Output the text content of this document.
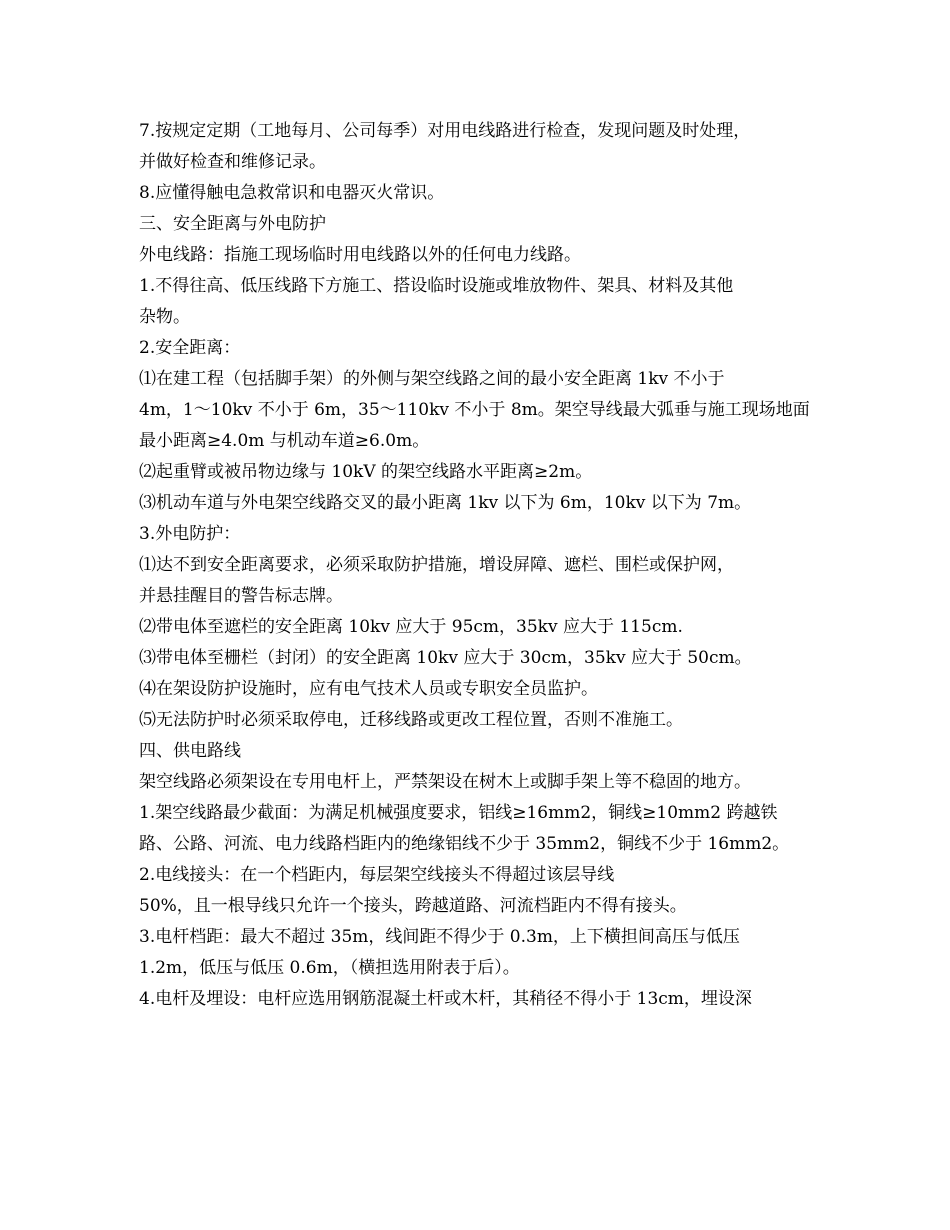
7.按规定定期（工地每月、公司每季）对用电线路进行检查，发现问题及时处理，
并做好检查和维修记录。
8.应懂得触电急救常识和电器灭火常识。
三、安全距离与外电防护
外电线路：指施工现场临时用电线路以外的任何电力线路。
1.不得往高、低压线路下方施工、搭设临时设施或堆放物件、架具、材料及其他
杂物。
2.安全距离：
⑴在建工程（包括脚手架）的外侧与架空线路之间的最小安全距离 1kv 不小于
4m，1～10kv 不小于 6m，35～110kv 不小于 8m。架空导线最大弧垂与施工现场地面
最小距离≥4.0m 与机动车道≥6.0m。
⑵起重臂或被吊物边缘与 10kV 的架空线路水平距离≥2m。
⑶机动车道与外电架空线路交叉的最小距离 1kv 以下为 6m，10kv 以下为 7m。
3.外电防护：
⑴达不到安全距离要求，必须采取防护措施，增设屏障、遮栏、围栏或保护网，
并悬挂醒目的警告标志牌。
⑵带电体至遮栏的安全距离 10kv 应大于 95cm，35kv 应大于 115cm.
⑶带电体至栅栏（封闭）的安全距离 10kv 应大于 30cm，35kv 应大于 50cm。
⑷在架设防护设施时，应有电气技术人员或专职安全员监护。
⑸无法防护时必须采取停电，迁移线路或更改工程位置，否则不准施工。
四、供电路线
架空线路必须架设在专用电杆上，严禁架设在树木上或脚手架上等不稳固的地方。
1.架空线路最少截面：为满足机械强度要求，铝线≥16mm2，铜线≥10mm2 跨越铁
路、公路、河流、电力线路档距内的绝缘铝线不少于 35mm2，铜线不少于 16mm2。
2.电线接头：在一个档距内，每层架空线接头不得超过该层导线
50%，且一根导线只允许一个接头，跨越道路、河流档距内不得有接头。
3.电杆档距：最大不超过 35m，线间距不得少于 0.3m，上下横担间高压与低压
1.2m，低压与低压 0.6m，（横担选用附表于后）。
4.电杆及埋设：电杆应选用钢筋混凝土杆或木杆，其稍径不得小于 13cm，埋设深
